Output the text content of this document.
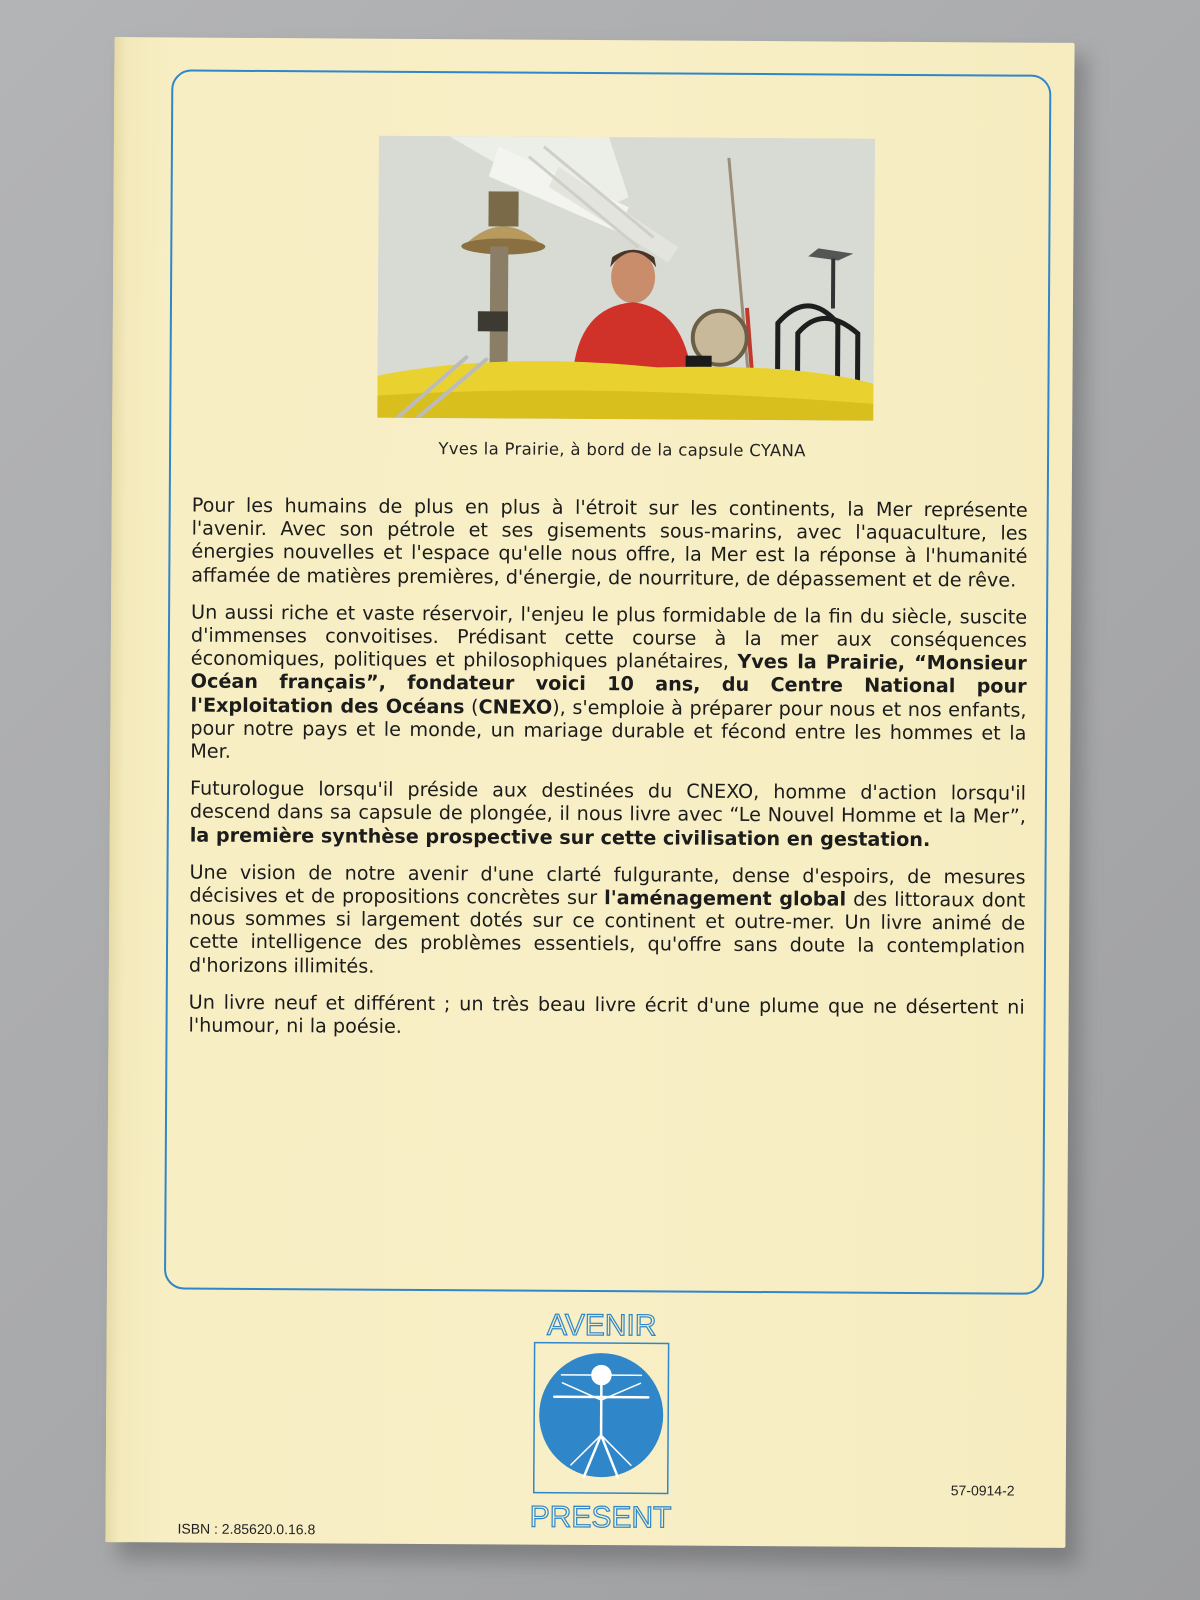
Yves la Prairie, à bord de la capsule CYANA

Pour les humains de plus en plus à l'étroit sur les continents, la Mer représente l'avenir. Avec son pétrole et ses gisements sous-marins, avec l'aquaculture, les énergies nouvelles et l'espace qu'elle nous offre, la Mer est la réponse à l'humanité affamée de matières premières, d'énergie, de nourriture, de dépassement et de rêve.

Un aussi riche et vaste réservoir, l'enjeu le plus formidable de la fin du siècle, suscite d'immenses convoitises. Prédisant cette course à la mer aux conséquences économiques, politiques et philosophiques planétaires, Yves la Prairie, “Monsieur Océan français”, fondateur voici 10 ans, du Centre National pour l'Exploitation des Océans (CNEXO), s'emploie à préparer pour nous et nos enfants, pour notre pays et le monde, un mariage durable et fécond entre les hommes et la Mer.

Futurologue lorsqu'il préside aux destinées du CNEXO, homme d'action lorsqu'il descend dans sa capsule de plongée, il nous livre avec “Le Nouvel Homme et la Mer”, la première synthèse prospective sur cette civilisation en gestation.

Une vision de notre avenir d'une clarté fulgurante, dense d'espoirs, de mesures décisives et de propositions concrètes sur l'aménagement global des littoraux dont nous sommes si largement dotés sur ce continent et outre-mer. Un livre animé de cette intelligence des problèmes essentiels, qu'offre sans doute la contemplation d'horizons illimités.

Un livre neuf et différent ; un très beau livre écrit d'une plume que ne désertent ni l'humour, ni la poésie.

AVENIR
PRESENT
ISBN : 2.85620.0.16.8
57-0914-2
